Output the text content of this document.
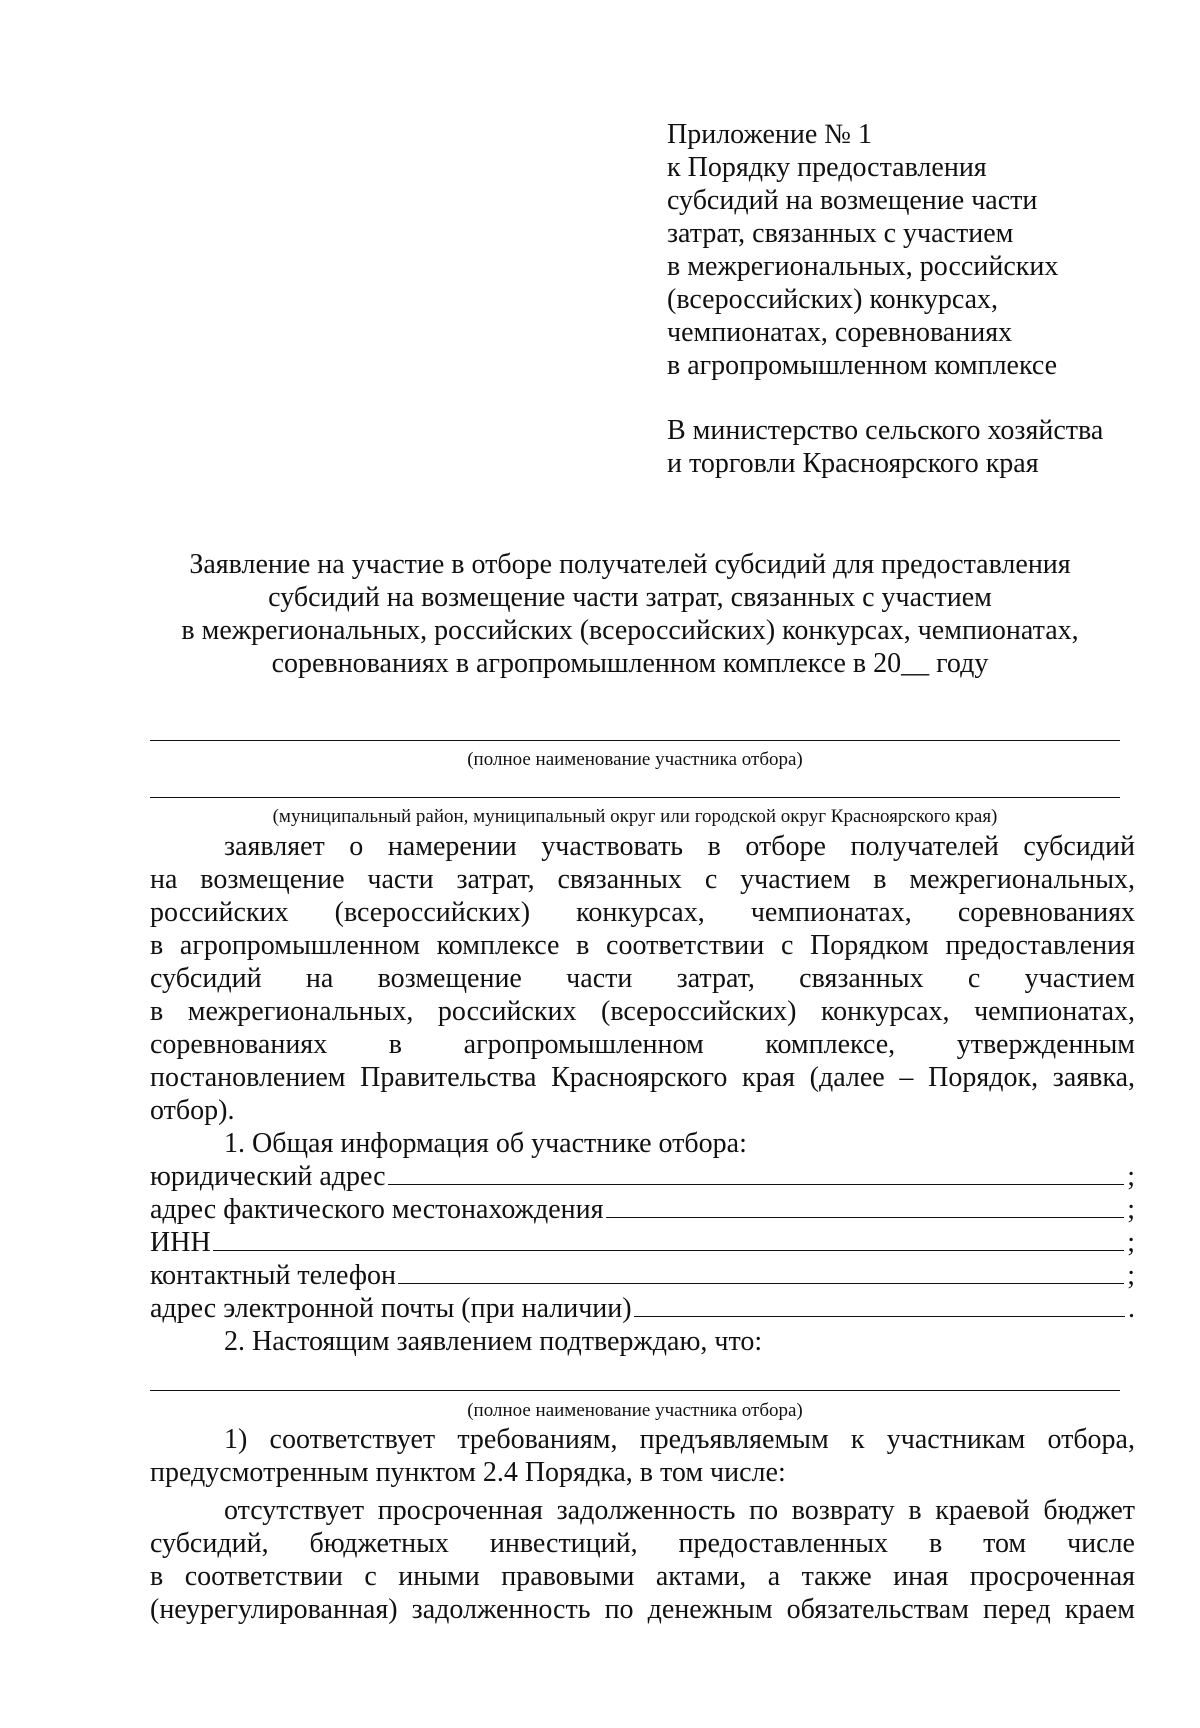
Приложение № 1
к Порядку предоставления
субсидий на возмещение части
затрат, связанных с участием
в межрегиональных, российских
(всероссийских) конкурсах,
чемпионатах, соревнованиях
в агропромышленном комплексе
В министерство сельского хозяйства
и торговли Красноярского края
Заявление на участие в отборе получателей субсидий для предоставления
субсидий на возмещение части затрат, связанных с участием
в межрегиональных, российских (всероссийских) конкурсах, чемпионатах,
соревнованиях в агропромышленном комплексе в 20__ году
(полное наименование участника отбора)
(муниципальный район, муниципальный округ или городской округ Красноярского края)
заявляет о намерении участвовать в отборе получателей субсидий
на возмещение части затрат, связанных с участием в межрегиональных,
российских (всероссийских) конкурсах, чемпионатах, соревнованиях
в агропромышленном комплексе в соответствии с Порядком предоставления
субсидий на возмещение части затрат, связанных с участием
в межрегиональных, российских (всероссийских) конкурсах, чемпионатах,
соревнованиях в агропромышленном комплексе, утвержденным
постановлением Правительства Красноярского края (далее – Порядок, заявка,
отбор).
1. Общая информация об участнике отбора:
юридический адрес	;
адрес фактического местонахождения	;
ИНН	;
контактный телефон	;
адрес электронной почты (при наличии)	.
2. Настоящим заявлением подтверждаю, что:
(полное наименование участника отбора)
1) соответствует требованиям, предъявляемым к участникам отбора,
предусмотренным пунктом 2.4 Порядка, в том числе:
отсутствует просроченная задолженность по возврату в краевой бюджет
субсидий, бюджетных инвестиций, предоставленных в том числе
в соответствии с иными правовыми актами, а также иная просроченная
(неурегулированная) задолженность по денежным обязательствам перед краем
